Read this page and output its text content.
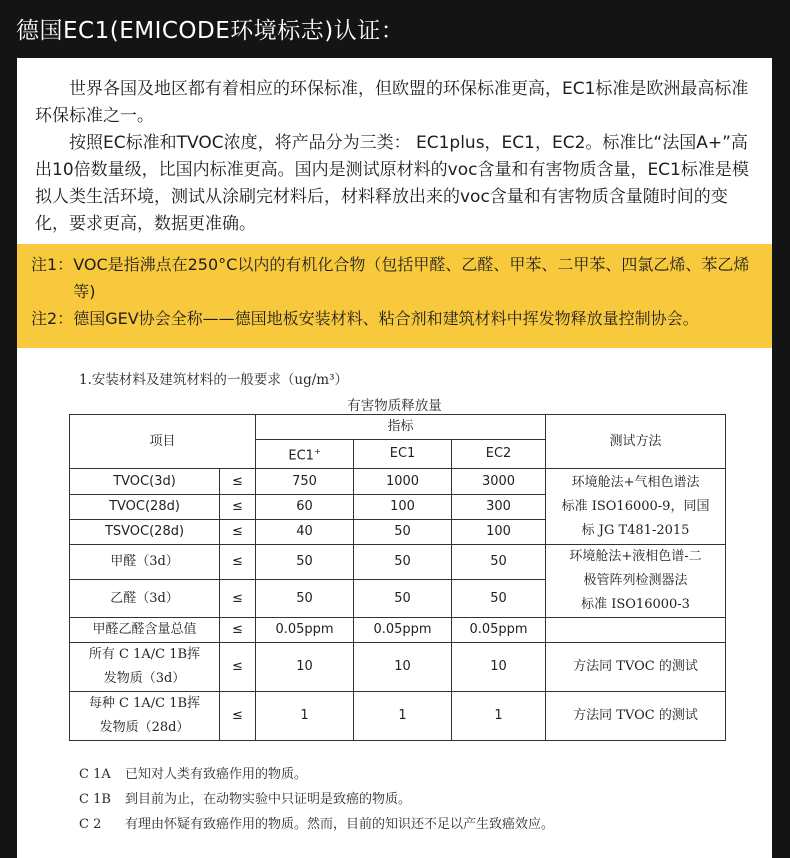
德国EC1(EMICODE环境标志)认证：

世界各国及地区都有着相应的环保标准，但欧盟的环保标准更高，EC1标准是欧洲最高标准环保标准之一。

按照EC标准和TVOC浓度，将产品分为三类： EC1plus，EC1，EC2。标准比“法国A+”高出10倍数量级，比国内标准更高。国内是测试原材料的voc含量和有害物质含量，EC1标准是模拟人类生活环境，测试从涂刷完材料后，材料释放出来的voc含量和有害物质含量随时间的变化，要求更高，数据更准确。

注1： VOC是指沸点在250°C以内的有机化合物（包括甲醛、乙醛、甲苯、二甲苯、四氯乙烯、苯乙烯等)
注2： 德国GEV协会全称——德国地板安装材料、粘合剂和建筑材料中挥发物释放量控制协会。
1.安装材料及建筑材料的一般要求（ug/m³）
有害物质释放量
项目		指标			测试方法
		EC1+	EC1	EC2	
TVOC(3d)	≤	750	1000	3000	环境舱法+气相色谱法
标准 ISO16000-9，同国
标 JG T481-2015

TVOC(28d)	≤	60	100	300	
TSVOC(28d)	≤	40	50	100	
甲醛（3d）	≤	50	50	50	环境舱法+液相色谱-二
极管阵列检测器法
标准 ISO16000-3

乙醛（3d）	≤	50	50	50	
甲醛乙醛含量总值	≤	0.05ppm	0.05ppm	0.05ppm	

所有 C 1A/C 1B挥
发物质（3d）	≤	10	10	10	方法同 TVOC 的测试

每种 C 1A/C 1B挥
发物质（28d）	≤	1	1	1	方法同 TVOC 的测试
C 1A 已知对人类有致癌作用的物质。
C 1B 到目前为止，在动物实验中只证明是致癌的物质。
C 2 有理由怀疑有致癌作用的物质。然而，目前的知识还不足以产生致癌效应。
